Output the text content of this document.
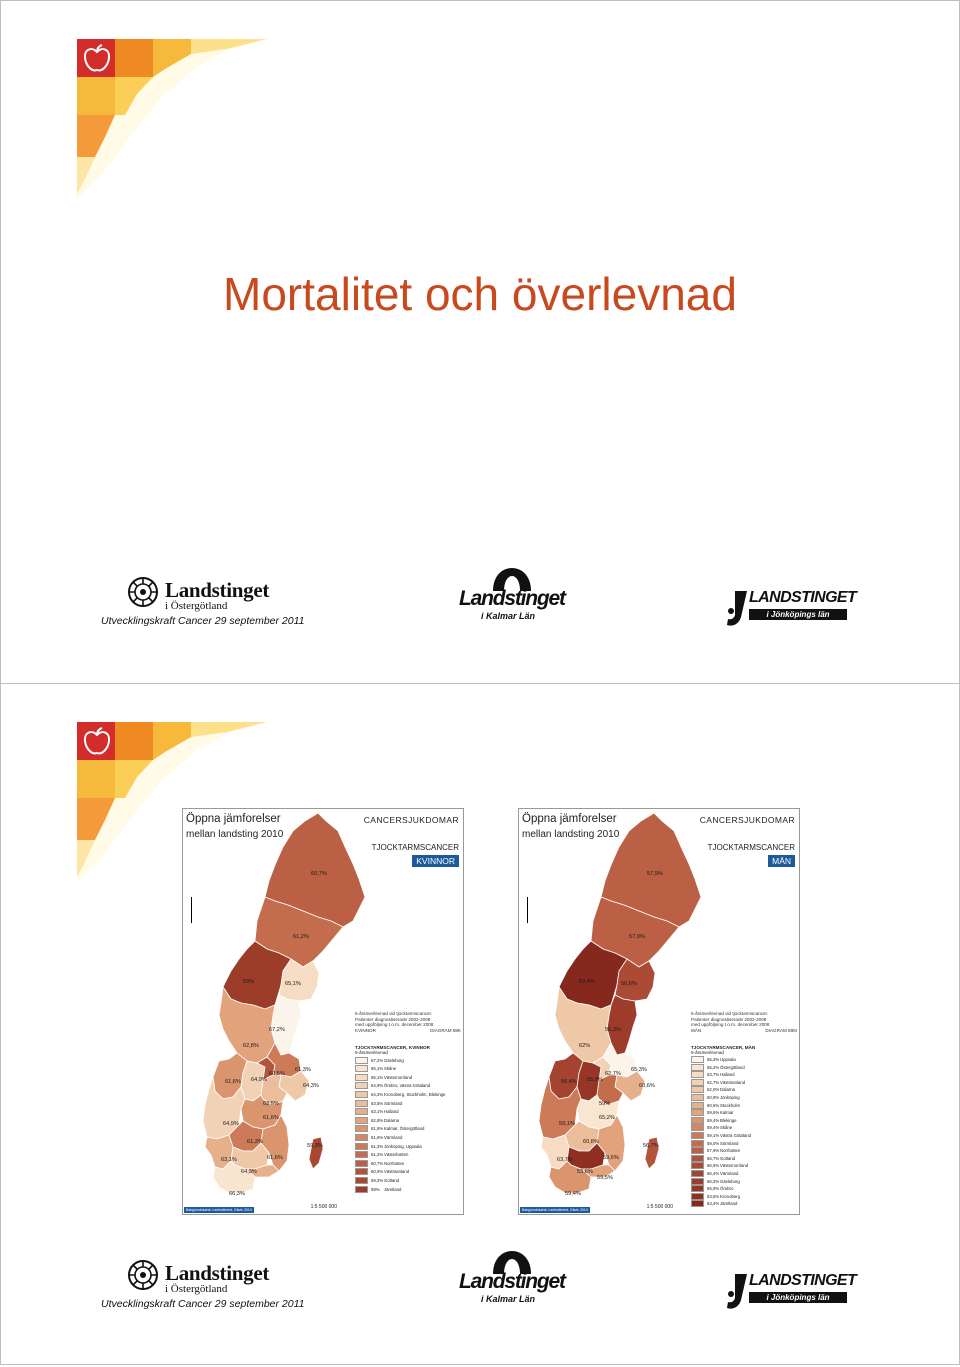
Mortalitet och överlevnad
Landstinget
i Östergötland
Utvecklingskraft Cancer 29 september 2011
Landstinget
i Kalmar Län
LANDSTINGET
i Jönköpings län
Öppna jämforelser
mellan landsting 2010
CANCERSJUKDOMAR
TJOCKTARMSCANCER
KVINNOR
5-årsöverlevnad vid tjocktarmscancer.
Patienter diagnostiserade 2002-2008
med uppföljning t.o.m. december 2008
KVINNOR	DIAGRAM 88K
TJOCKTARMSCANCER, KVINNOR
5-årsöverlevnad
67,2% Gävleborg
66,1% Skåne
65,1% Västernorrland
64,9% Örebro, västra Götaland
64,3% Kronoberg, Stockholm, Blekinge
63,5% Sörmland
63,1% Halland
62,8% Dalarna
61,6% Kalmar, Östergötland
61,6% Värmland
61,3% Jönköping, Uppsala
61,2% Västerbotten
60,7% Norrbotten
60,5% Västmanland
59,3% Gotland
59%	Jämtland
1:5 500 000
Bakgrundskarta: Lantmäteriet, Gävle 2010
60,7%
61,2%
59%	65,1%
67,2%
62,8%
61,6%
60,5%
61,3%
64,3%
64,9%
63,5%
64,9%
61,6%
59,3%
61,3%
61,6%
63,1%
64,3%
66,3%
Öppna jämforelser
mellan landsting 2010
CANCERSJUKDOMAR
TJOCKTARMSCANCER
MÄN
5-årsöverlevnad vid tjocktarmscancer.
Patienter diagnostiserade 2002-2008
med uppföljning t.o.m. december 2008
MÄN	DIAGRAM 88M
TJOCKTARMSCANCER, MÄN
5-årsöverlevnad
65,3% Uppsala
65,2% Östergötland
63,7% Halland
62,7% Västmanland
62,0% Dalarna
60,8% Jönköping
60,6% Stockholm
59,6% Kalmar
59,4% Blekinge
59,4% Skåne
59,1% Västra Götaland
59,0% Sörmland
57,9% Norrbotten
56,7% Gotland
56,6% Västernorrland
56,4% Värmland
56,3% Gävleborg
55,9% Örebro
53,6% Kronoberg
53,4% Jämtland
1:5 500 000
Bakgrundskarta: Lantmäteriet, Gävle 2010
57,9%
57,9%
53,4%	56,6%
56,3%
62%
56,4%
62,7%
65,3%
60,6%
55,9%
59%
59,1%
65,2%
56,7%
60,8%
59,6%
63,7%
53,6%
59,5%
59,4%
Landstinget
i Östergötland
Utvecklingskraft Cancer 29 september 2011
Landstinget
i Kalmar Län
LANDSTINGET
i Jönköpings län
